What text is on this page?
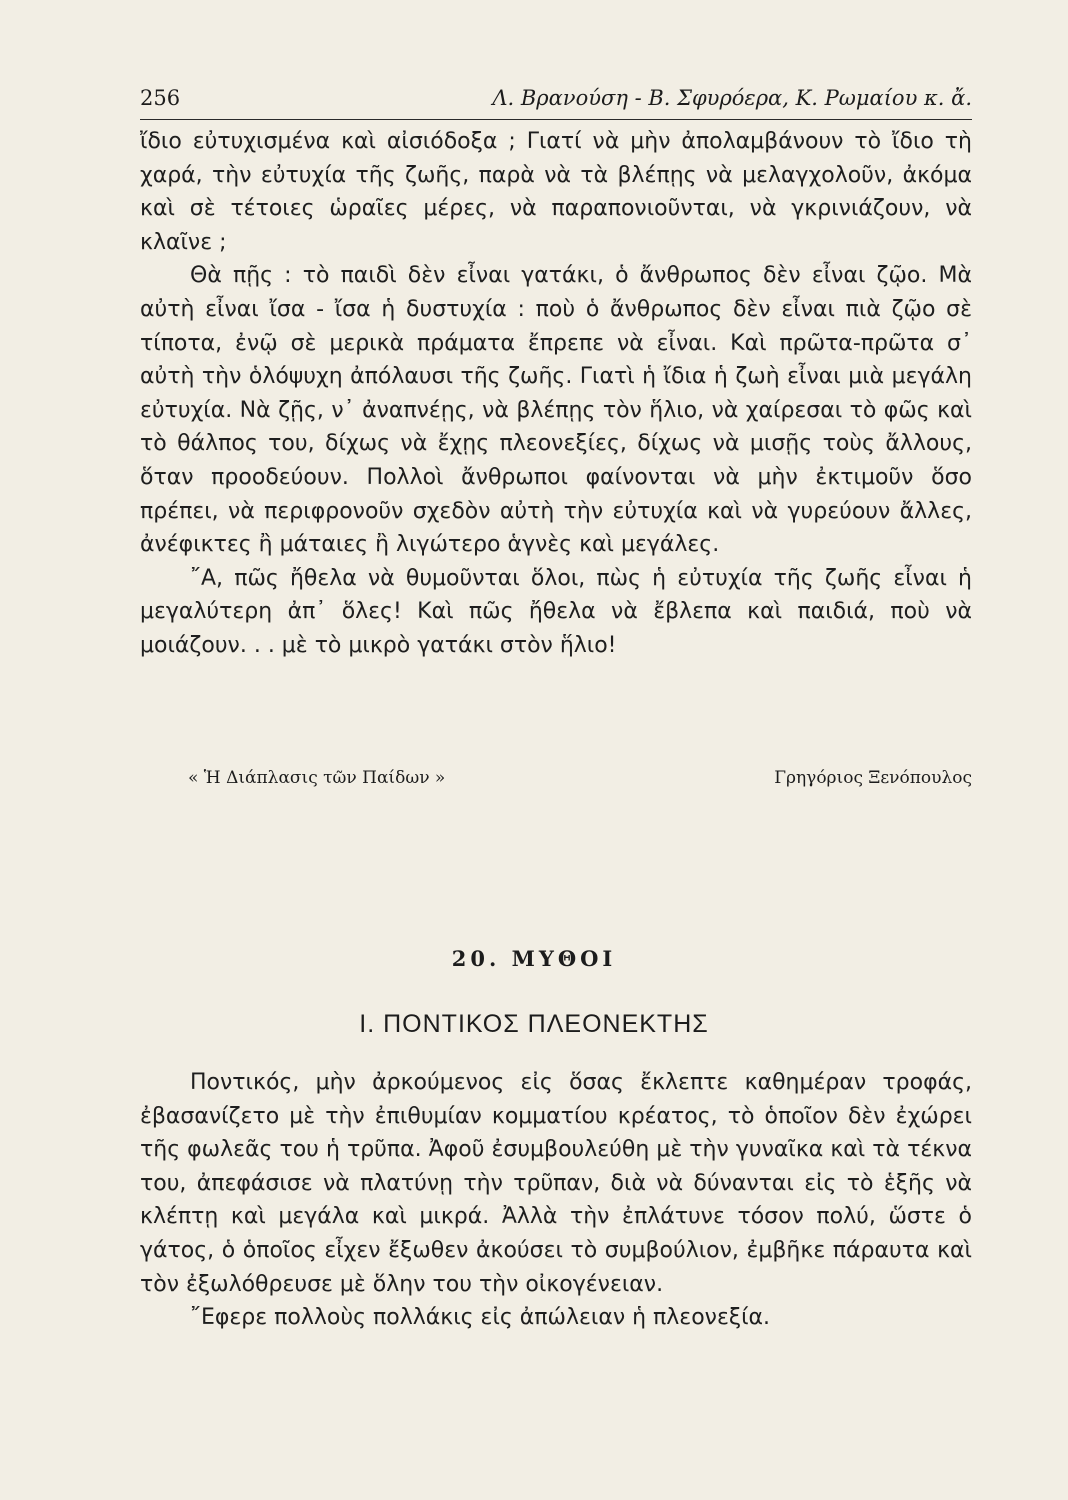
256	Λ. Βρανούση - Β. Σφυρόερα, Κ. Ρωμαίου κ. ἄ.

ἴδιο εὐτυχισμένα καὶ αἰσιόδοξα ; Γιατί νὰ μὴν ἀπολαμβάνουν τὸ ἴδιο τὴ χαρά, τὴν εὐτυχία τῆς ζωῆς, παρὰ νὰ τὰ βλέπῃς νὰ μελαγχολοῦν, ἀκόμα καὶ σὲ τέτοιες ὡραῖες μέρες, νὰ παραπονιοῦνται, νὰ γκρινιάζουν, νὰ κλαῖνε ;

Θὰ πῇς : τὸ παιδὶ δὲν εἶναι γατάκι, ὁ ἄνθρωπος δὲν εἶναι ζῷο. Μὰ αὐτὴ εἶναι ἴσα - ἴσα ἡ δυστυχία : ποὺ ὁ ἄνθρωπος δὲν εἶναι πιὰ ζῷο σὲ τίποτα, ἐνῷ σὲ μερικὰ πράματα ἔπρεπε νὰ εἶναι. Καὶ πρῶτα-πρῶτα σ᾽ αὐτὴ τὴν ὁλόψυχη ἀπόλαυσι τῆς ζωῆς. Γιατὶ ἡ ἴδια ἡ ζωὴ εἶναι μιὰ μεγάλη εὐτυχία. Νὰ ζῇς, ν᾽ ἀναπνέῃς, νὰ βλέπῃς τὸν ἥλιο, νὰ χαίρεσαι τὸ φῶς καὶ τὸ θάλπος του, δίχως νὰ ἔχῃς πλεονεξίες, δίχως νὰ μισῇς τοὺς ἄλλους, ὅταν προοδεύουν. Πολλοὶ ἄνθρωποι φαίνονται νὰ μὴν ἐκτιμοῦν ὅσο πρέπει, νὰ περιφρονοῦν σχεδὸν αὐτὴ τὴν εὐτυχία καὶ νὰ γυρεύουν ἄλλες, ἀνέφικτες ἢ μάταιες ἢ λιγώτερο ἁγνὲς καὶ μεγάλες.

῎Α, πῶς ἤθελα νὰ θυμοῦνται ὅλοι, πὼς ἡ εὐτυχία τῆς ζωῆς εἶναι ἡ μεγαλύτερη ἀπ᾽ ὅλες! Καὶ πῶς ἤθελα νὰ ἔβλεπα καὶ παιδιά, ποὺ νὰ μοιάζουν. . . μὲ τὸ μικρὸ γατάκι στὸν ἥλιο!

« Ἡ Διάπλασις τῶν Παίδων »	Γρηγόριος Ξενόπουλος
20. ΜΥΘΟΙ
Ι. ΠΟΝΤΙΚΟΣ ΠΛΕΟΝΕΚΤΗΣ

Ποντικός, μὴν ἀρκούμενος εἰς ὅσας ἔκλεπτε καθημέραν τροφάς, ἐβασανίζετο μὲ τὴν ἐπιθυμίαν κομματίου κρέατος, τὸ ὁποῖον δὲν ἐχώρει τῆς φωλεᾶς του ἡ τρῦπα. Ἀφοῦ ἐσυμβουλεύθη μὲ τὴν γυναῖκα καὶ τὰ τέκνα του, ἀπεφάσισε νὰ πλατύνῃ τὴν τρῦπαν, διὰ νὰ δύνανται εἰς τὸ ἑξῆς νὰ κλέπτῃ καὶ μεγάλα καὶ μικρά. Ἀλλὰ τὴν ἐπλάτυνε τόσον πολύ, ὥστε ὁ γάτος, ὁ ὁποῖος εἶχεν ἔξωθεν ἀκούσει τὸ συμβούλιον, ἐμβῆκε πάραυτα καὶ τὸν ἐξωλόθρευσε μὲ ὅλην του τὴν οἰκογένειαν.

῎Εφερε πολλοὺς πολλάκις εἰς ἀπώλειαν ἡ πλεονεξία.
